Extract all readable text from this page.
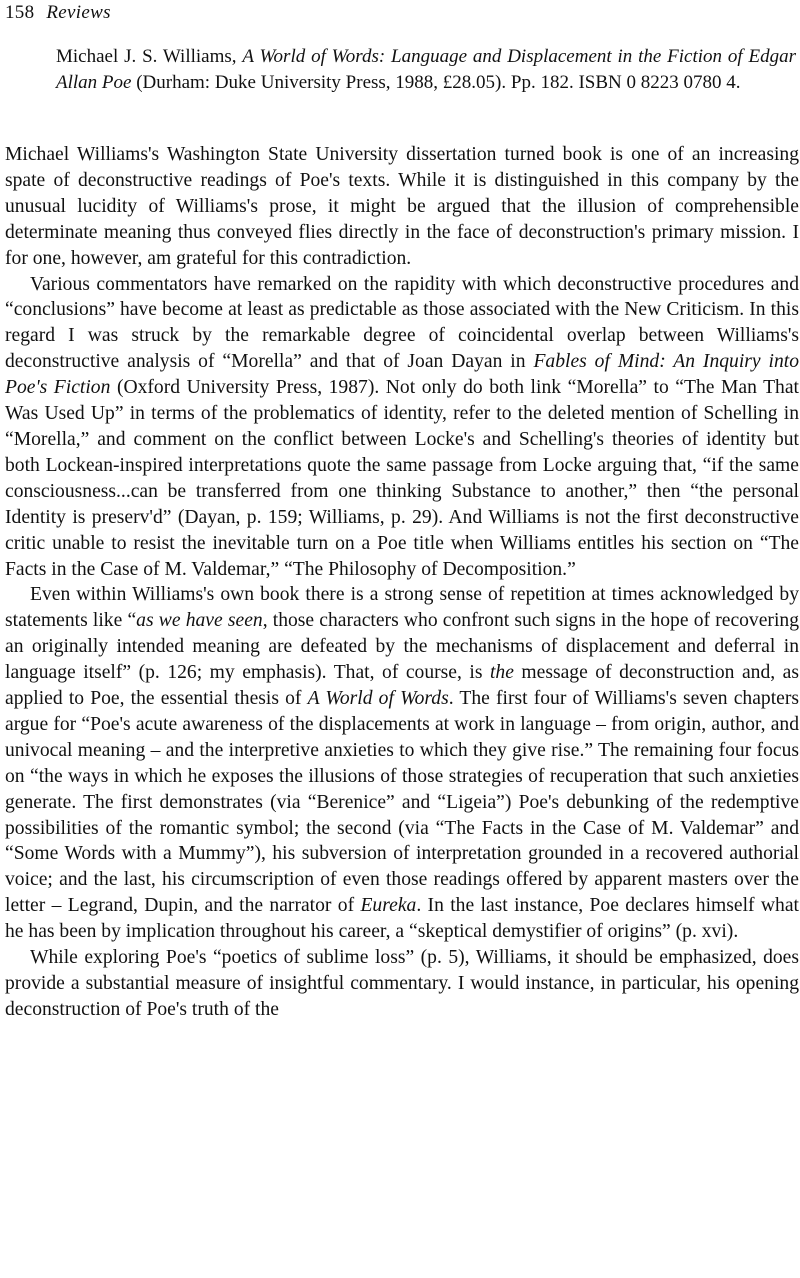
158 Reviews
Michael J. S. Williams, A World of Words: Language and Displacement in the Fiction of Edgar Allan Poe (Durham: Duke University Press, 1988, £28.05). Pp. 182. ISBN 0 8223 0780 4.

Michael Williams's Washington State University dissertation turned book is one of an increasing spate of deconstructive readings of Poe's texts. While it is distinguished in this company by the unusual lucidity of Williams's prose, it might be argued that the illusion of comprehensible determinate meaning thus conveyed flies directly in the face of deconstruction's primary mission. I for one, however, am grateful for this contradiction.

Various commentators have remarked on the rapidity with which deconstructive procedures and “conclusions” have become at least as predictable as those associated with the New Criticism. In this regard I was struck by the remarkable degree of coincidental overlap between Williams's deconstructive analysis of “Morella” and that of Joan Dayan in Fables of Mind: An Inquiry into Poe's Fiction (Oxford University Press, 1987). Not only do both link “Morella” to “The Man That Was Used Up” in terms of the problematics of identity, refer to the deleted mention of Schelling in “Morella,” and comment on the conflict between Locke's and Schelling's theories of identity but both Lockean-inspired interpretations quote the same passage from Locke arguing that, “if the same consciousness...can be transferred from one thinking Substance to another,” then “the personal Identity is preserv'd” (Dayan, p. 159; Williams, p. 29). And Williams is not the first deconstructive critic unable to resist the inevitable turn on a Poe title when Williams entitles his section on “The Facts in the Case of M. Valdemar,” “The Philosophy of Decomposition.”

Even within Williams's own book there is a strong sense of repetition at times acknowledged by statements like “as we have seen, those characters who confront such signs in the hope of recovering an originally intended meaning are defeated by the mechanisms of displacement and deferral in language itself” (p. 126; my emphasis). That, of course, is the message of deconstruction and, as applied to Poe, the essential thesis of A World of Words. The first four of Williams's seven chapters argue for “Poe's acute awareness of the displacements at work in language – from origin, author, and univocal meaning – and the interpretive anxieties to which they give rise.” The remaining four focus on “the ways in which he exposes the illusions of those strategies of recuperation that such anxieties generate. The first demonstrates (via “Berenice” and “Ligeia”) Poe's debunking of the redemptive possibilities of the romantic symbol; the second (via “The Facts in the Case of M. Valdemar” and “Some Words with a Mummy”), his subversion of interpretation grounded in a recovered authorial voice; and the last, his circumscription of even those readings offered by apparent masters over the letter – Legrand, Dupin, and the narrator of Eureka. In the last instance, Poe declares himself what he has been by implication throughout his career, a “skeptical demystifier of origins” (p. xvi).

While exploring Poe's “poetics of sublime loss” (p. 5), Williams, it should be emphasized, does provide a substantial measure of insightful commentary. I would instance, in particular, his opening deconstruction of Poe's truth of the
